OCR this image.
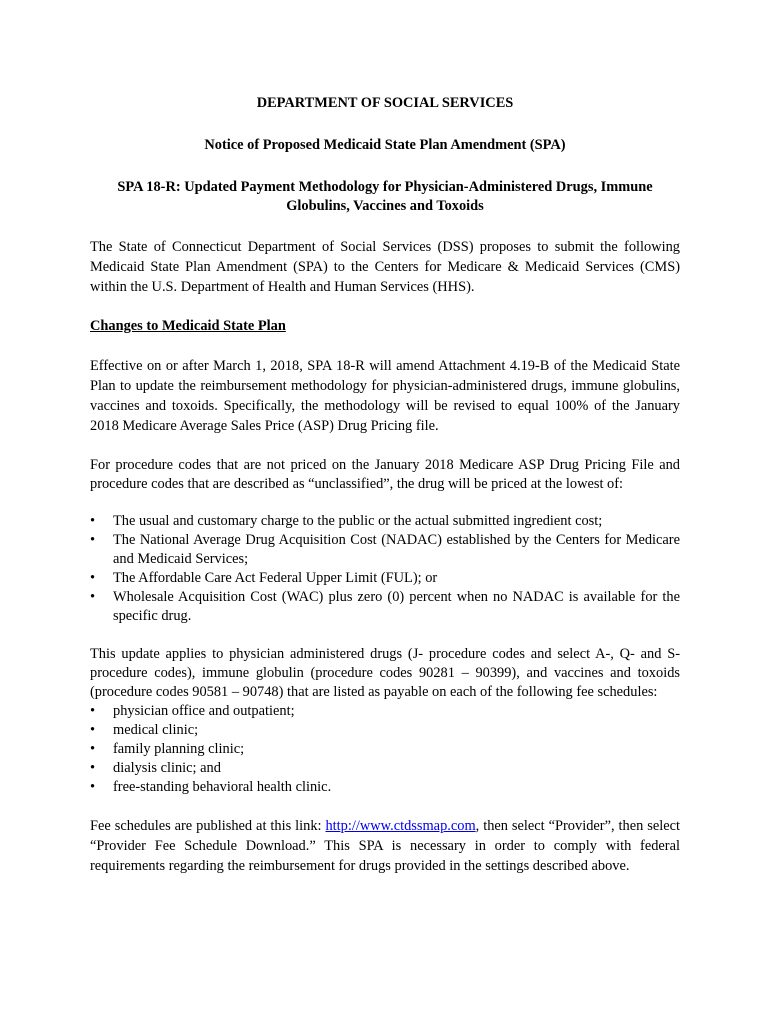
DEPARTMENT OF SOCIAL SERVICES
Notice of Proposed Medicaid State Plan Amendment (SPA)
SPA 18-R: Updated Payment Methodology for Physician-Administered Drugs, Immune
Globulins, Vaccines and Toxoids

The State of Connecticut Department of Social Services (DSS) proposes to submit the following Medicaid State Plan Amendment (SPA) to the Centers for Medicare & Medicaid Services (CMS) within the U.S. Department of Health and Human Services (HHS).

Changes to Medicaid State Plan

Effective on or after March 1, 2018, SPA 18-R will amend Attachment 4.19-B of the Medicaid State Plan to update the reimbursement methodology for physician-administered drugs, immune globulins, vaccines and toxoids. Specifically, the methodology will be revised to equal 100% of the January 2018 Medicare Average Sales Price (ASP) Drug Pricing file.

For procedure codes that are not priced on the January 2018 Medicare ASP Drug Pricing File and procedure codes that are described as “unclassified”, the drug will be priced at the lowest of:

•	The usual and customary charge to the public or the actual submitted ingredient cost;
•	The National Average Drug Acquisition Cost (NADAC) established by the Centers for Medicare and Medicaid Services;
•	The Affordable Care Act Federal Upper Limit (FUL); or
•	Wholesale Acquisition Cost (WAC) plus zero (0) percent when no NADAC is available for the specific drug.

This update applies to physician administered drugs (J- procedure codes and select A-, Q- and S-procedure codes), immune globulin (procedure codes 90281 – 90399), and vaccines and toxoids (procedure codes 90581 – 90748) that are listed as payable on each of the following fee schedules:

•	physician office and outpatient;
•	medical clinic;
•	family planning clinic;
•	dialysis clinic; and
•	free-standing behavioral health clinic.

Fee schedules are published at this link: http://www.ctdssmap.com, then select “Provider”, then select “Provider Fee Schedule Download.” This SPA is necessary in order to comply with federal requirements regarding the reimbursement for drugs provided in the settings described above.
